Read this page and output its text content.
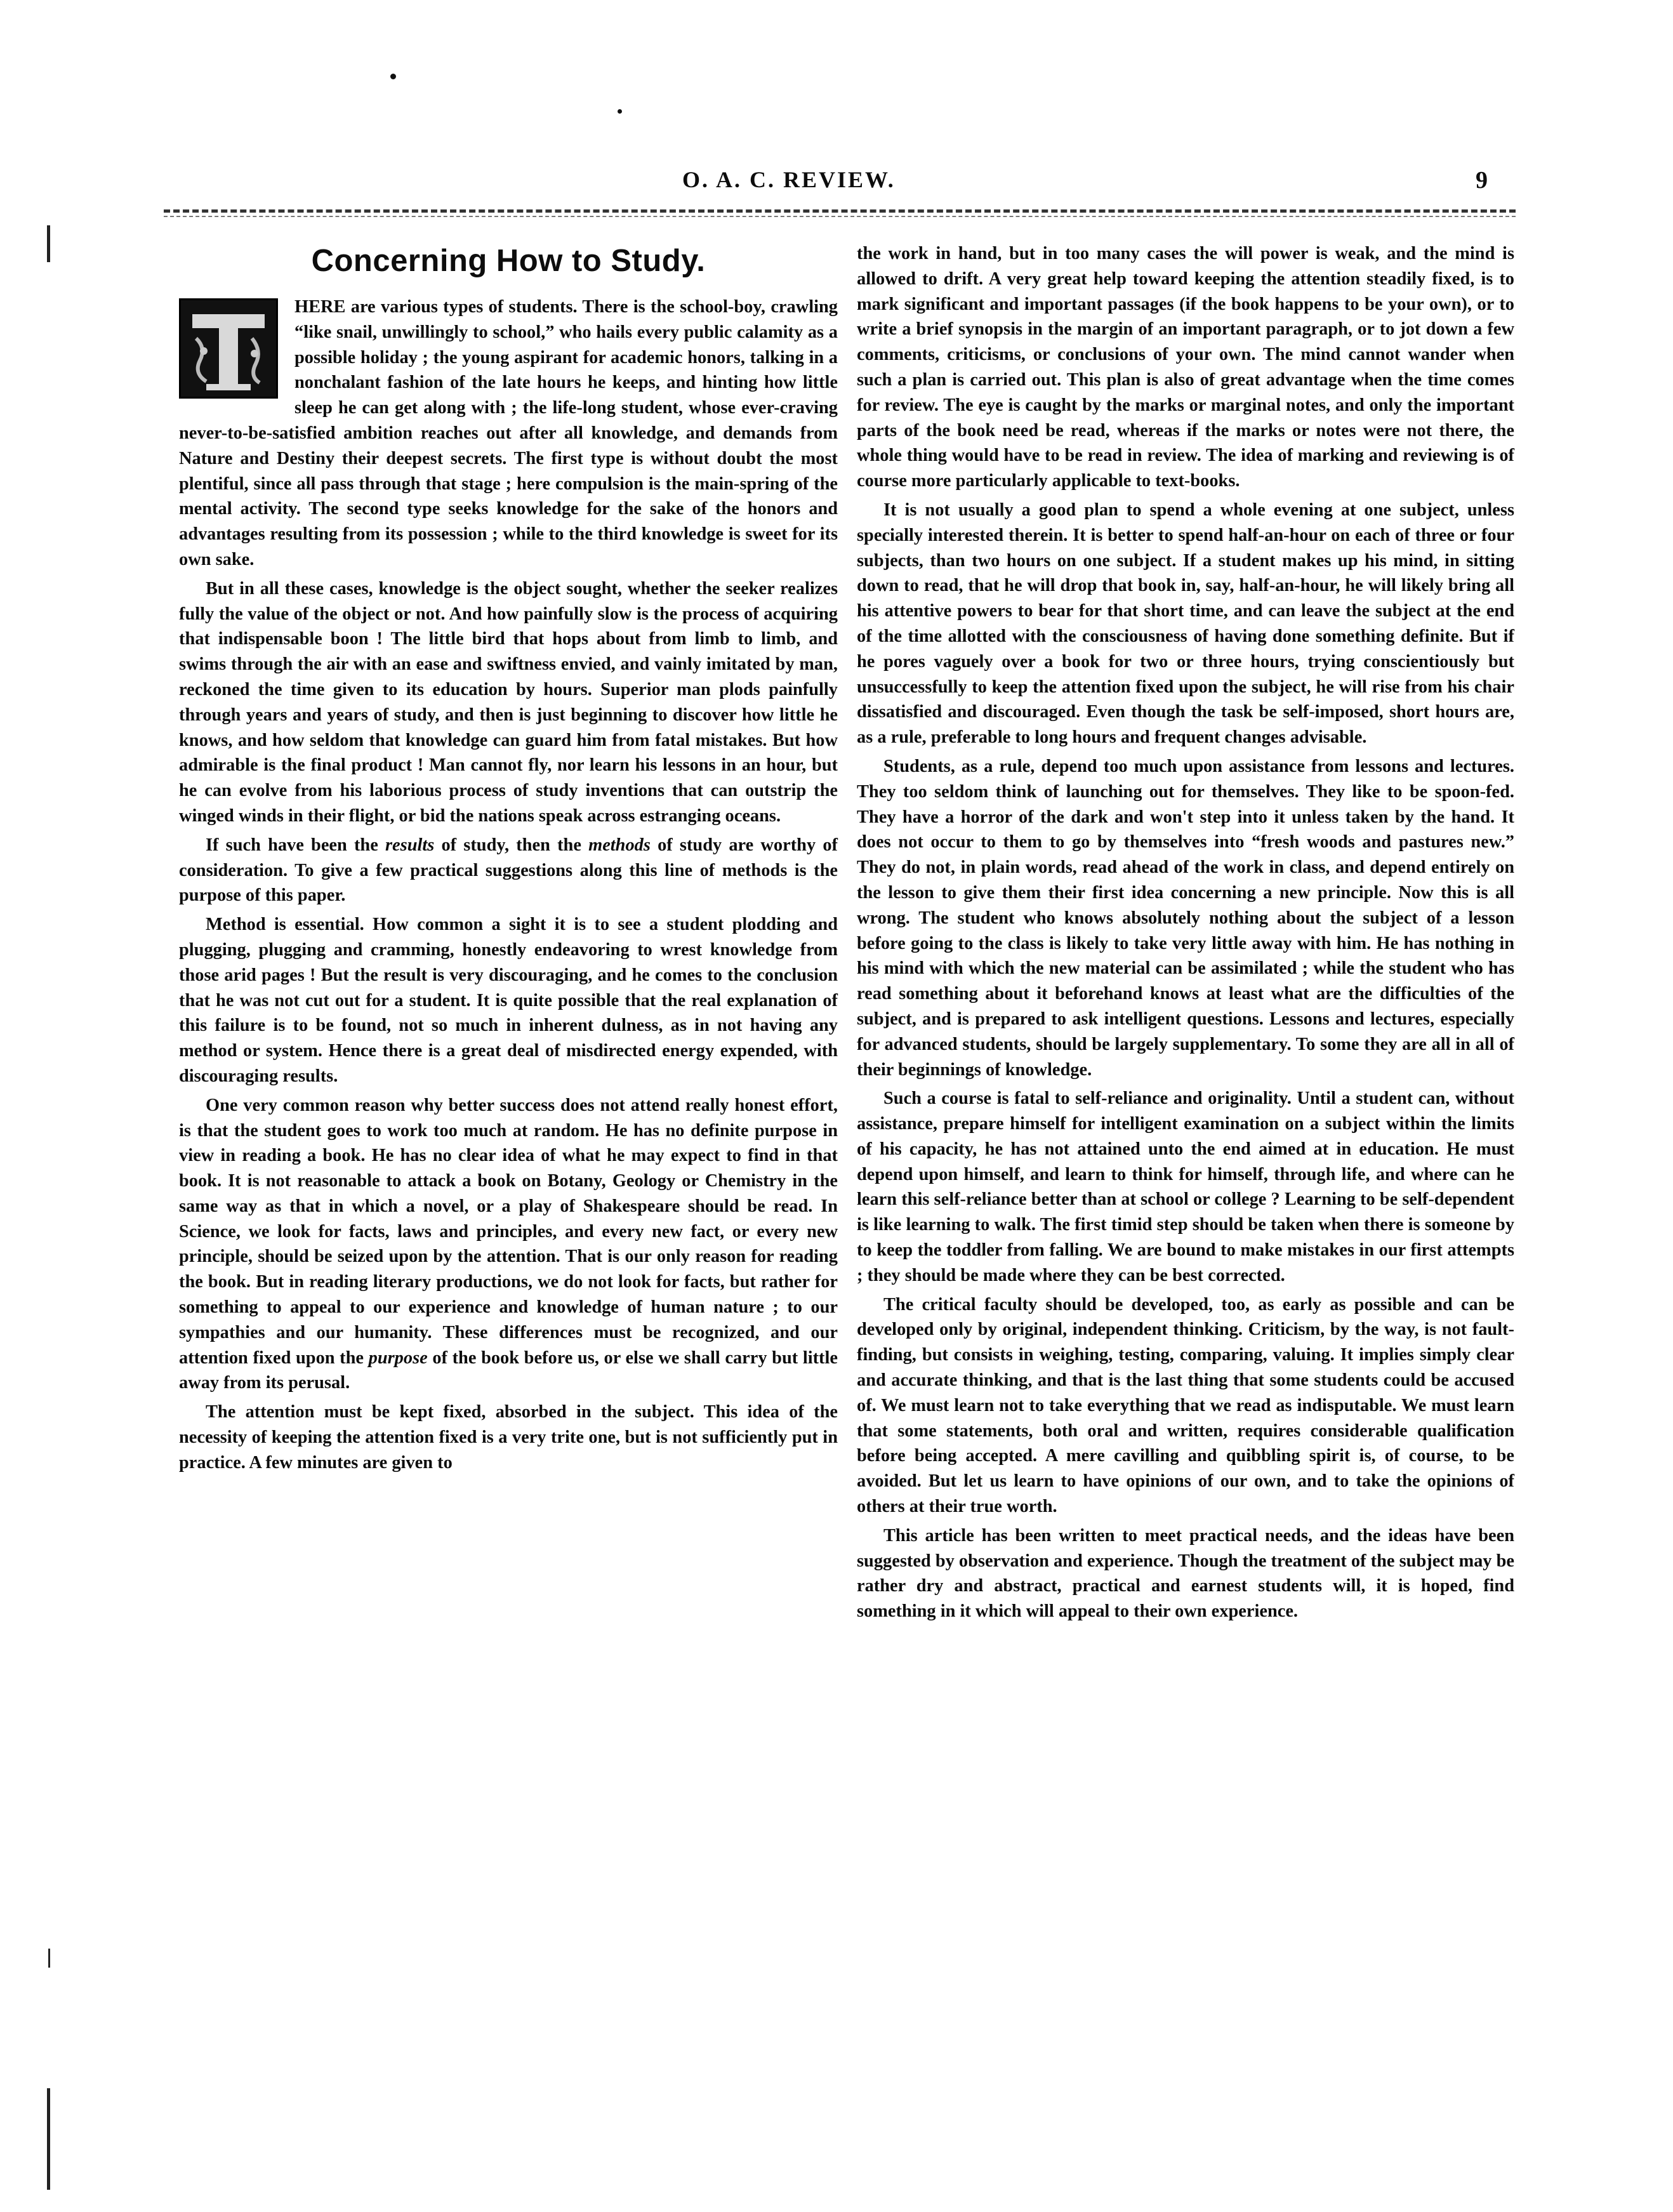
O. A. C. REVIEW.	9
Concerning How to Study.

HERE are various types of students. There is the school-boy, crawling “like snail, unwillingly to school,” who hails every public calamity as a possible holiday ; the young aspirant for academic honors, talking in a nonchalant fashion of the late hours he keeps, and hinting how little sleep he can get along with ; the life-long student, whose ever-craving never-to-be-satisfied ambition reaches out after all knowledge, and demands from Nature and Destiny their deepest secrets. The first type is without doubt the most plentiful, since all pass through that stage ; here compulsion is the main-spring of the mental activity. The second type seeks knowledge for the sake of the honors and advantages resulting from its possession ; while to the third knowledge is sweet for its own sake.

But in all these cases, knowledge is the object sought, whether the seeker realizes fully the value of the object or not. And how painfully slow is the process of acquiring that indispensable boon ! The little bird that hops about from limb to limb, and swims through the air with an ease and swiftness envied, and vainly imitated by man, reckoned the time given to its education by hours. Superior man plods painfully through years and years of study, and then is just beginning to discover how little he knows, and how seldom that knowledge can guard him from fatal mistakes. But how admirable is the final product ! Man cannot fly, nor learn his lessons in an hour, but he can evolve from his laborious process of study inventions that can outstrip the winged winds in their flight, or bid the nations speak across estranging oceans.

If such have been the results of study, then the methods of study are worthy of consideration. To give a few practical suggestions along this line of methods is the purpose of this paper.

Method is essential. How common a sight it is to see a student plodding and plugging, plugging and cramming, honestly endeavoring to wrest knowledge from those arid pages ! But the result is very discouraging, and he comes to the conclusion that he was not cut out for a student. It is quite possible that the real explanation of this failure is to be found, not so much in inherent dulness, as in not having any method or system. Hence there is a great deal of misdirected energy expended, with discouraging results.

One very common reason why better success does not attend really honest effort, is that the student goes to work too much at random. He has no definite purpose in view in reading a book. He has no clear idea of what he may expect to find in that book. It is not reasonable to attack a book on Botany, Geology or Chemistry in the same way as that in which a novel, or a play of Shakespeare should be read. In Science, we look for facts, laws and principles, and every new fact, or every new principle, should be seized upon by the attention. That is our only reason for reading the book. But in reading literary productions, we do not look for facts, but rather for something to appeal to our experience and knowledge of human nature ; to our sympathies and our humanity. These differences must be recognized, and our attention fixed upon the purpose of the book before us, or else we shall carry but little away from its perusal.

The attention must be kept fixed, absorbed in the subject. This idea of the necessity of keeping the attention fixed is a very trite one, but is not sufficiently put in practice. A few minutes are given to

the work in hand, but in too many cases the will power is weak, and the mind is allowed to drift. A very great help toward keeping the attention steadily fixed, is to mark significant and important passages (if the book happens to be your own), or to write a brief synopsis in the margin of an important paragraph, or to jot down a few comments, criticisms, or conclusions of your own. The mind cannot wander when such a plan is carried out. This plan is also of great advantage when the time comes for review. The eye is caught by the marks or marginal notes, and only the important parts of the book need be read, whereas if the marks or notes were not there, the whole thing would have to be read in review. The idea of marking and reviewing is of course more particularly applicable to text-books.

It is not usually a good plan to spend a whole evening at one subject, unless specially interested therein. It is better to spend half-an-hour on each of three or four subjects, than two hours on one subject. If a student makes up his mind, in sitting down to read, that he will drop that book in, say, half-an-hour, he will likely bring all his attentive powers to bear for that short time, and can leave the subject at the end of the time allotted with the consciousness of having done something definite. But if he pores vaguely over a book for two or three hours, trying conscientiously but unsuccessfully to keep the attention fixed upon the subject, he will rise from his chair dissatisfied and discouraged. Even though the task be self-imposed, short hours are, as a rule, preferable to long hours and frequent changes advisable.

Students, as a rule, depend too much upon assistance from lessons and lectures. They too seldom think of launching out for themselves. They like to be spoon-fed. They have a horror of the dark and won't step into it unless taken by the hand. It does not occur to them to go by themselves into “fresh woods and pastures new.” They do not, in plain words, read ahead of the work in class, and depend entirely on the lesson to give them their first idea concerning a new principle. Now this is all wrong. The student who knows absolutely nothing about the subject of a lesson before going to the class is likely to take very little away with him. He has nothing in his mind with which the new material can be assimilated ; while the student who has read something about it beforehand knows at least what are the difficulties of the subject, and is prepared to ask intelligent questions. Lessons and lectures, especially for advanced students, should be largely supplementary. To some they are all in all of their beginnings of knowledge.

Such a course is fatal to self-reliance and originality. Until a student can, without assistance, prepare himself for intelligent examination on a subject within the limits of his capacity, he has not attained unto the end aimed at in education. He must depend upon himself, and learn to think for himself, through life, and where can he learn this self-reliance better than at school or college ? Learning to be self-dependent is like learning to walk. The first timid step should be taken when there is someone by to keep the toddler from falling. We are bound to make mistakes in our first attempts ; they should be made where they can be best corrected.

The critical faculty should be developed, too, as early as possible and can be developed only by original, independent thinking. Criticism, by the way, is not fault-finding, but consists in weighing, testing, comparing, valuing. It implies simply clear and accurate thinking, and that is the last thing that some students could be accused of. We must learn not to take everything that we read as indisputable. We must learn that some statements, both oral and written, requires considerable qualification before being accepted. A mere cavilling and quibbling spirit is, of course, to be avoided. But let us learn to have opinions of our own, and to take the opinions of others at their true worth.

This article has been written to meet practical needs, and the ideas have been suggested by observation and experience. Though the treatment of the subject may be rather dry and abstract, practical and earnest students will, it is hoped, find something in it which will appeal to their own experience.
